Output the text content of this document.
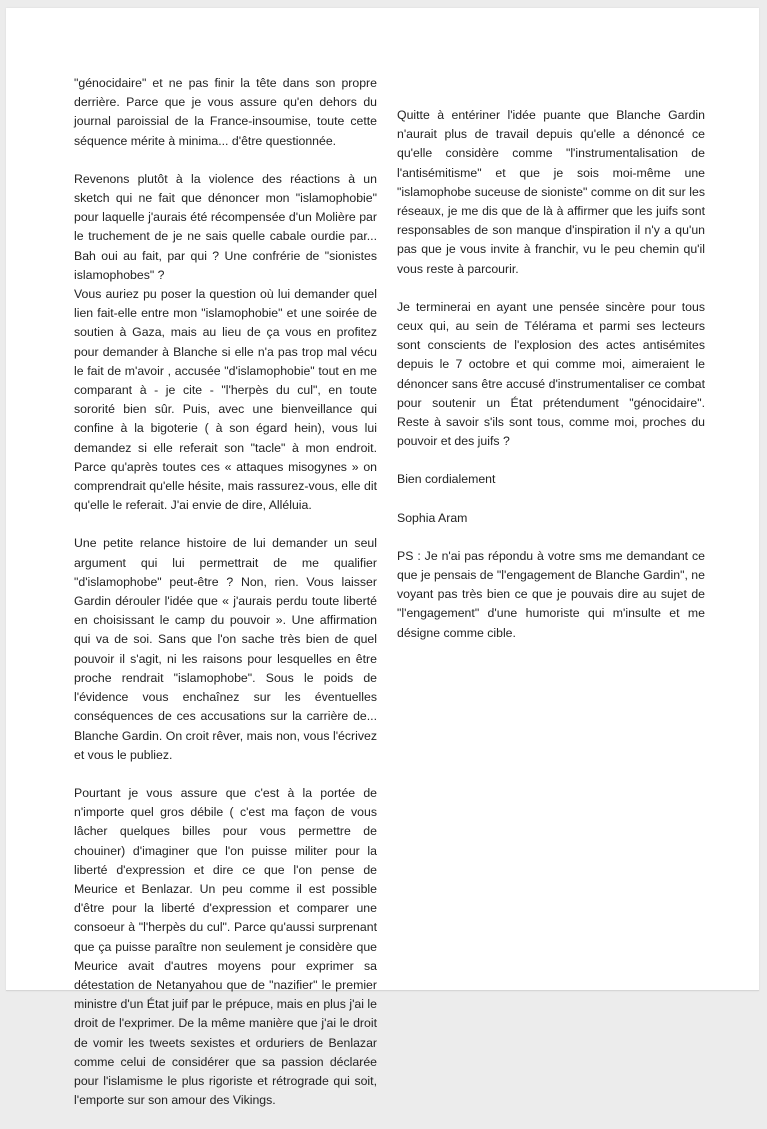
"génocidaire" et ne pas finir la tête dans son propre derrière. Parce que je vous assure qu'en dehors du journal paroissial de la France-insoumise, toute cette séquence mérite à minima... d'être questionnée.

Revenons plutôt à la violence des réactions à un sketch qui ne fait que dénoncer mon "islamophobie" pour laquelle j'aurais été récompensée d'un Molière par le truchement de je ne sais quelle cabale ourdie par... Bah oui au fait, par qui ? Une confrérie de "sionistes islamophobes" ?

Vous auriez pu poser la question où lui demander quel lien fait-elle entre mon "islamophobie" et une soirée de soutien à Gaza, mais au lieu de ça vous en profitez pour demander à Blanche si elle n'a pas trop mal vécu le fait de m'avoir , accusée "d'islamophobie" tout en me comparant à - je cite - "l'herpès du cul", en toute sororité bien sûr. Puis, avec une bienveillance qui confine à la bigoterie ( à son égard hein), vous lui demandez si elle referait son "tacle" à mon endroit. Parce qu'après toutes ces « attaques misogynes » on comprendrait qu'elle hésite, mais rassurez-vous, elle dit qu'elle le referait. J'ai envie de dire, Alléluia.

Une petite relance histoire de lui demander un seul argument qui lui permettrait de me qualifier "d'islamophobe" peut-être ? Non, rien. Vous laisser Gardin dérouler l'idée que « j'aurais perdu toute liberté en choisissant le camp du pouvoir ». Une affirmation qui va de soi. Sans que l'on sache très bien de quel pouvoir il s'agit, ni les raisons pour lesquelles en être proche rendrait "islamophobe". Sous le poids de l'évidence vous enchaînez sur les éventuelles conséquences de ces accusations sur la carrière de... Blanche Gardin. On croit rêver, mais non, vous l'écrivez et vous le publiez.

Pourtant je vous assure que c'est à la portée de n'importe quel gros débile ( c'est ma façon de vous lâcher quelques billes pour vous permettre de chouiner) d'imaginer que l'on puisse militer pour la liberté d'expression et dire ce que l'on pense de Meurice et Benlazar. Un peu comme il est possible d'être pour la liberté d'expression et comparer une consoeur à "l'herpès du cul". Parce qu'aussi surprenant que ça puisse paraître non seulement je considère que Meurice avait d'autres moyens pour exprimer sa détestation de Netanyahou que de "nazifier" le premier ministre d'un État juif par le prépuce, mais en plus j'ai le droit de l'exprimer. De la même manière que j'ai le droit de vomir les tweets sexistes et orduriers de Benlazar comme celui de considérer que sa passion déclarée pour l'islamisme le plus rigoriste et rétrograde qui soit, l'emporte sur son amour des Vikings.

Quitte à entériner l'idée puante que Blanche Gardin n'aurait plus de travail depuis qu'elle a dénoncé ce qu'elle considère comme "l'instrumentalisation de l'antisémitisme" et que je sois moi-même une "islamophobe suceuse de sioniste" comme on dit sur les réseaux, je me dis que de là à affirmer que les juifs sont responsables de son manque d'inspiration il n'y a qu'un pas que je vous invite à franchir, vu le peu chemin qu'il vous reste à parcourir.

Je terminerai en ayant une pensée sincère pour tous ceux qui, au sein de Télérama et parmi ses lecteurs sont conscients de l'explosion des actes antisémites depuis le 7 octobre et qui comme moi, aimeraient le dénoncer sans être accusé d'instrumentaliser ce combat pour soutenir un État prétendument "génocidaire". Reste à savoir s'ils sont tous, comme moi, proches du pouvoir et des juifs ?

Bien cordialement

Sophia Aram

PS : Je n'ai pas répondu à votre sms me demandant ce que je pensais de "l'engagement de Blanche Gardin", ne voyant pas très bien ce que je pouvais dire au sujet de "l'engagement" d'une humoriste qui m'insulte et me désigne comme cible.
